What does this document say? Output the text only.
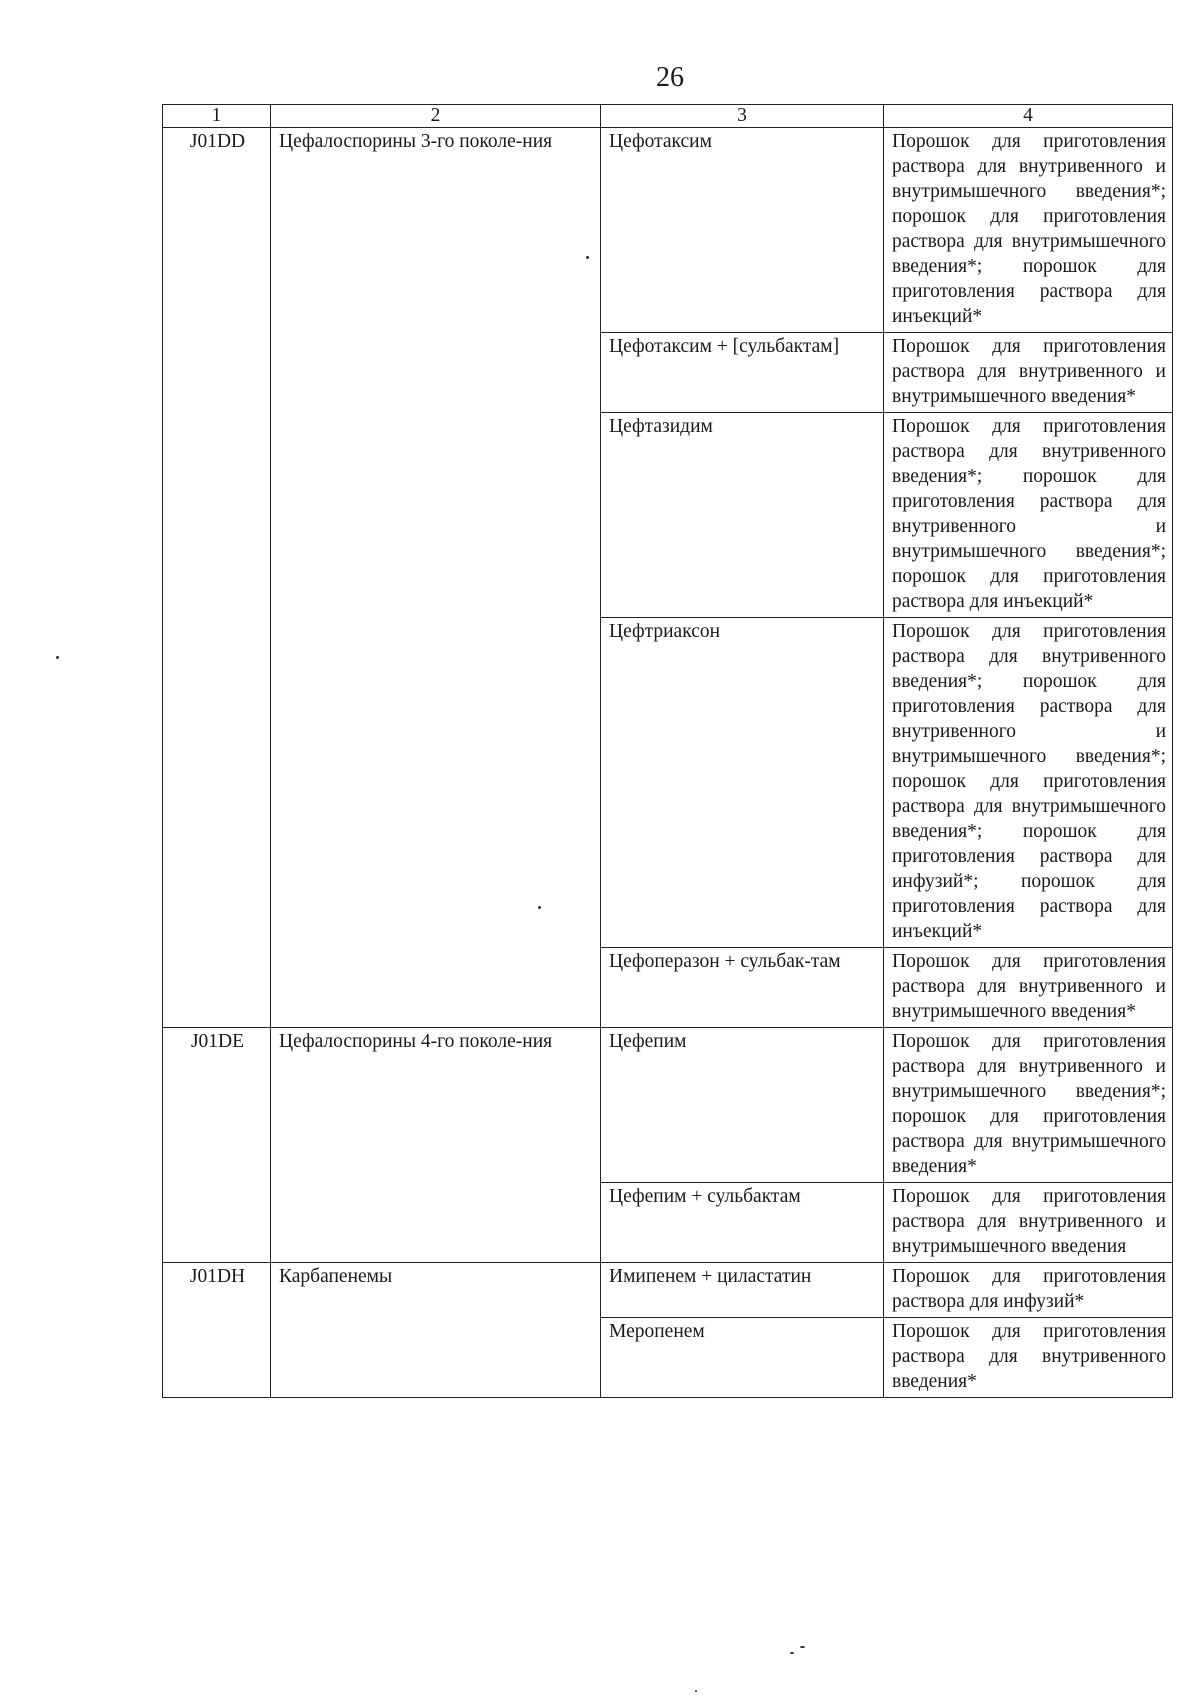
26
1	2	3	4
J01DD	Цефалоспорины 3-го поколе-ния	Цефотаксим	Порошок для приготовления раствора для внутривенного и внутримышечного введения*; порошок для приготовления раствора для внутримышечного введения*; порошок для приготовления раствора для инъекций*
		Цефотаксим + [сульбактам]	Порошок для приготовления раствора для внутривенного и внутримышечного введения*
		Цефтазидим	Порошок для приготовления раствора для внутривенного введения*; порошок для приготовления раствора для внутривенного и внутримышечного введения*; порошок для приготовления раствора для инъекций*
		Цефтриаксон	Порошок для приготовления раствора для внутривенного введения*; порошок для приготовления раствора для внутривенного и внутримышечного введения*; порошок для приготовления раствора для внутримышечного введения*; порошок для приготовления раствора для инфузий*; порошок для приготовления раствора для инъекций*
		Цефоперазон + сульбак-там	Порошок для приготовления раствора для внутривенного и внутримышечного введения*
J01DE	Цефалоспорины 4-го поколе-ния	Цефепим	Порошок для приготовления раствора для внутривенного и внутримышечного введения*; порошок для приготовления раствора для внутримышечного введения*
		Цефепим + сульбактам	Порошок для приготовления раствора для внутривенного и внутримышечного введения
J01DH	Карбапенемы	Имипенем + циластатин	Порошок для приготовления раствора для инфузий*
		Меропенем	Порошок для приготовления раствора для внутривенного введения*
